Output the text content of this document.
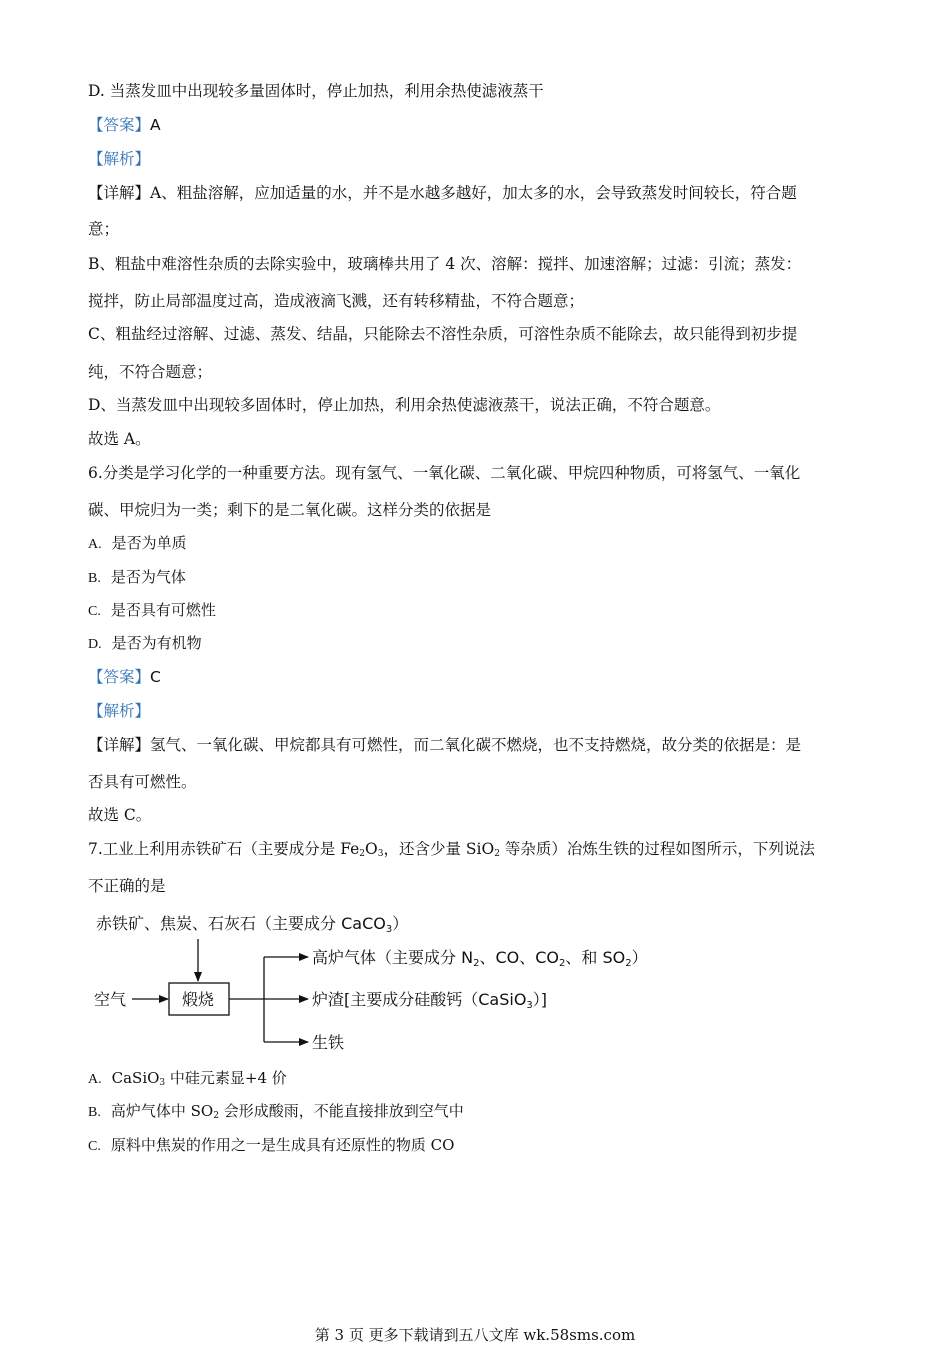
D. 当蒸发皿中出现较多量固体时，停止加热，利用余热使滤液蒸干
【答案】A
【解析】
【详解】A、粗盐溶解，应加适量的水，并不是水越多越好，加太多的水，会导致蒸发时间较长，符合题
意；
B、粗盐中难溶性杂质的去除实验中，玻璃棒共用了 4 次、溶解：搅拌、加速溶解；过滤：引流；蒸发：
搅拌，防止局部温度过高，造成液滴飞溅，还有转移精盐，不符合题意；
C、粗盐经过溶解、过滤、蒸发、结晶，只能除去不溶性杂质，可溶性杂质不能除去，故只能得到初步提
纯，不符合题意；
D、当蒸发皿中出现较多固体时，停止加热，利用余热使滤液蒸干，说法正确，不符合题意。
故选 A。
6.分类是学习化学的一种重要方法。现有氢气、一氧化碳、二氧化碳、甲烷四种物质，可将氢气、一氧化
碳、甲烷归为一类；剩下的是二氧化碳。这样分类的依据是
A. 是否为单质
B. 是否为气体
C. 是否具有可燃性
D. 是否为有机物
【答案】C
【解析】
【详解】氢气、一氧化碳、甲烷都具有可燃性，而二氧化碳不燃烧，也不支持燃烧，故分类的依据是：是
否具有可燃性。
故选 C。
7.工业上利用赤铁矿石（主要成分是 $Fe_2O_3$，还含少量 SiO$_2$ 等杂质）冶炼生铁的过程如图所示，下列说法
不正确的是
赤铁矿、焦炭、石灰石（主要成分 CaCO3）
空气	煅烧
高炉气体（主要成分 N2、CO、CO2、和 SO2）
炉渣[主要成分硅酸钙（CaSiO3）]
生铁
A. CaSiO$_3$ 中硅元素显+4 价
B. 高炉气体中 $SO_2$ 会形成酸雨，不能直接排放到空气中
C. 原料中焦炭的作用之一是生成具有还原性的物质 CO
第 3 页 更多下载请到五八文库 wk.58sms.com
